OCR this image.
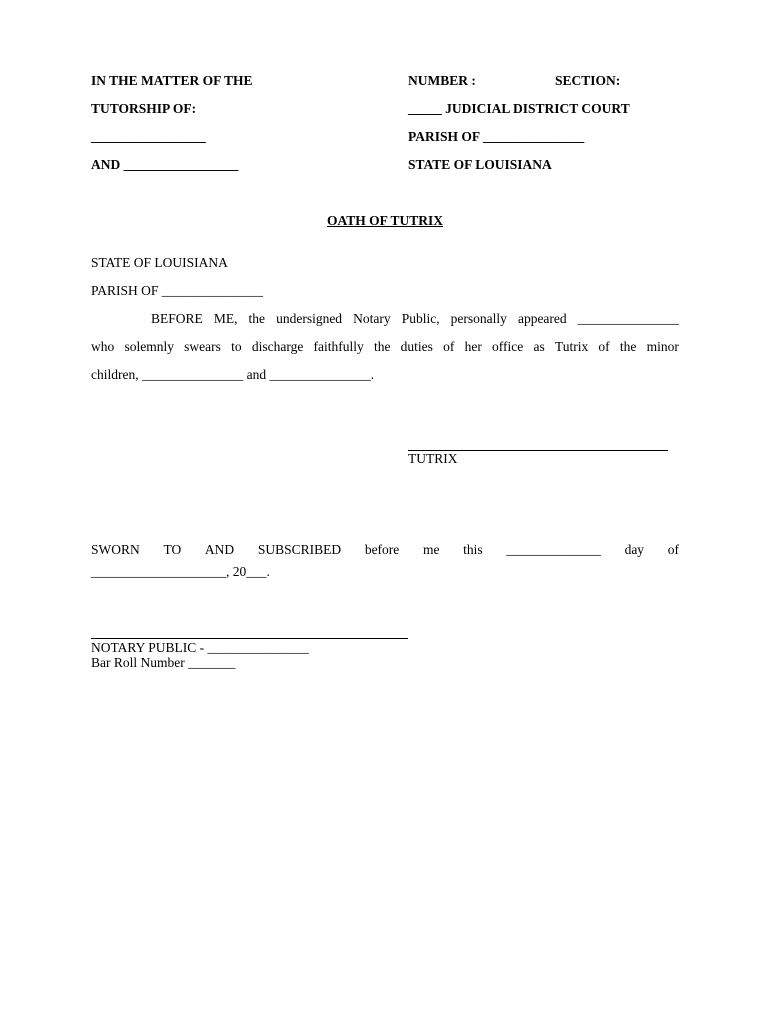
IN THE MATTER OF THE
TUTORSHIP OF:
_________________
AND _________________
NUMBER :	SECTION:
_____ JUDICIAL DISTRICT COURT
PARISH OF _______________
STATE OF LOUISIANA
OATH OF TUTRIX
STATE OF LOUISIANA
PARISH OF _______________
BEFORE ME, the undersigned Notary Public, personally appeared _______________
who solemnly swears to discharge faithfully the duties of her office as Tutrix of the minor
children, _______________ and _______________.
TUTRIX
SWORN TO AND SUBSCRIBED before me this ______________ day of
____________________, 20___.
NOTARY PUBLIC - _______________
Bar Roll Number _______
